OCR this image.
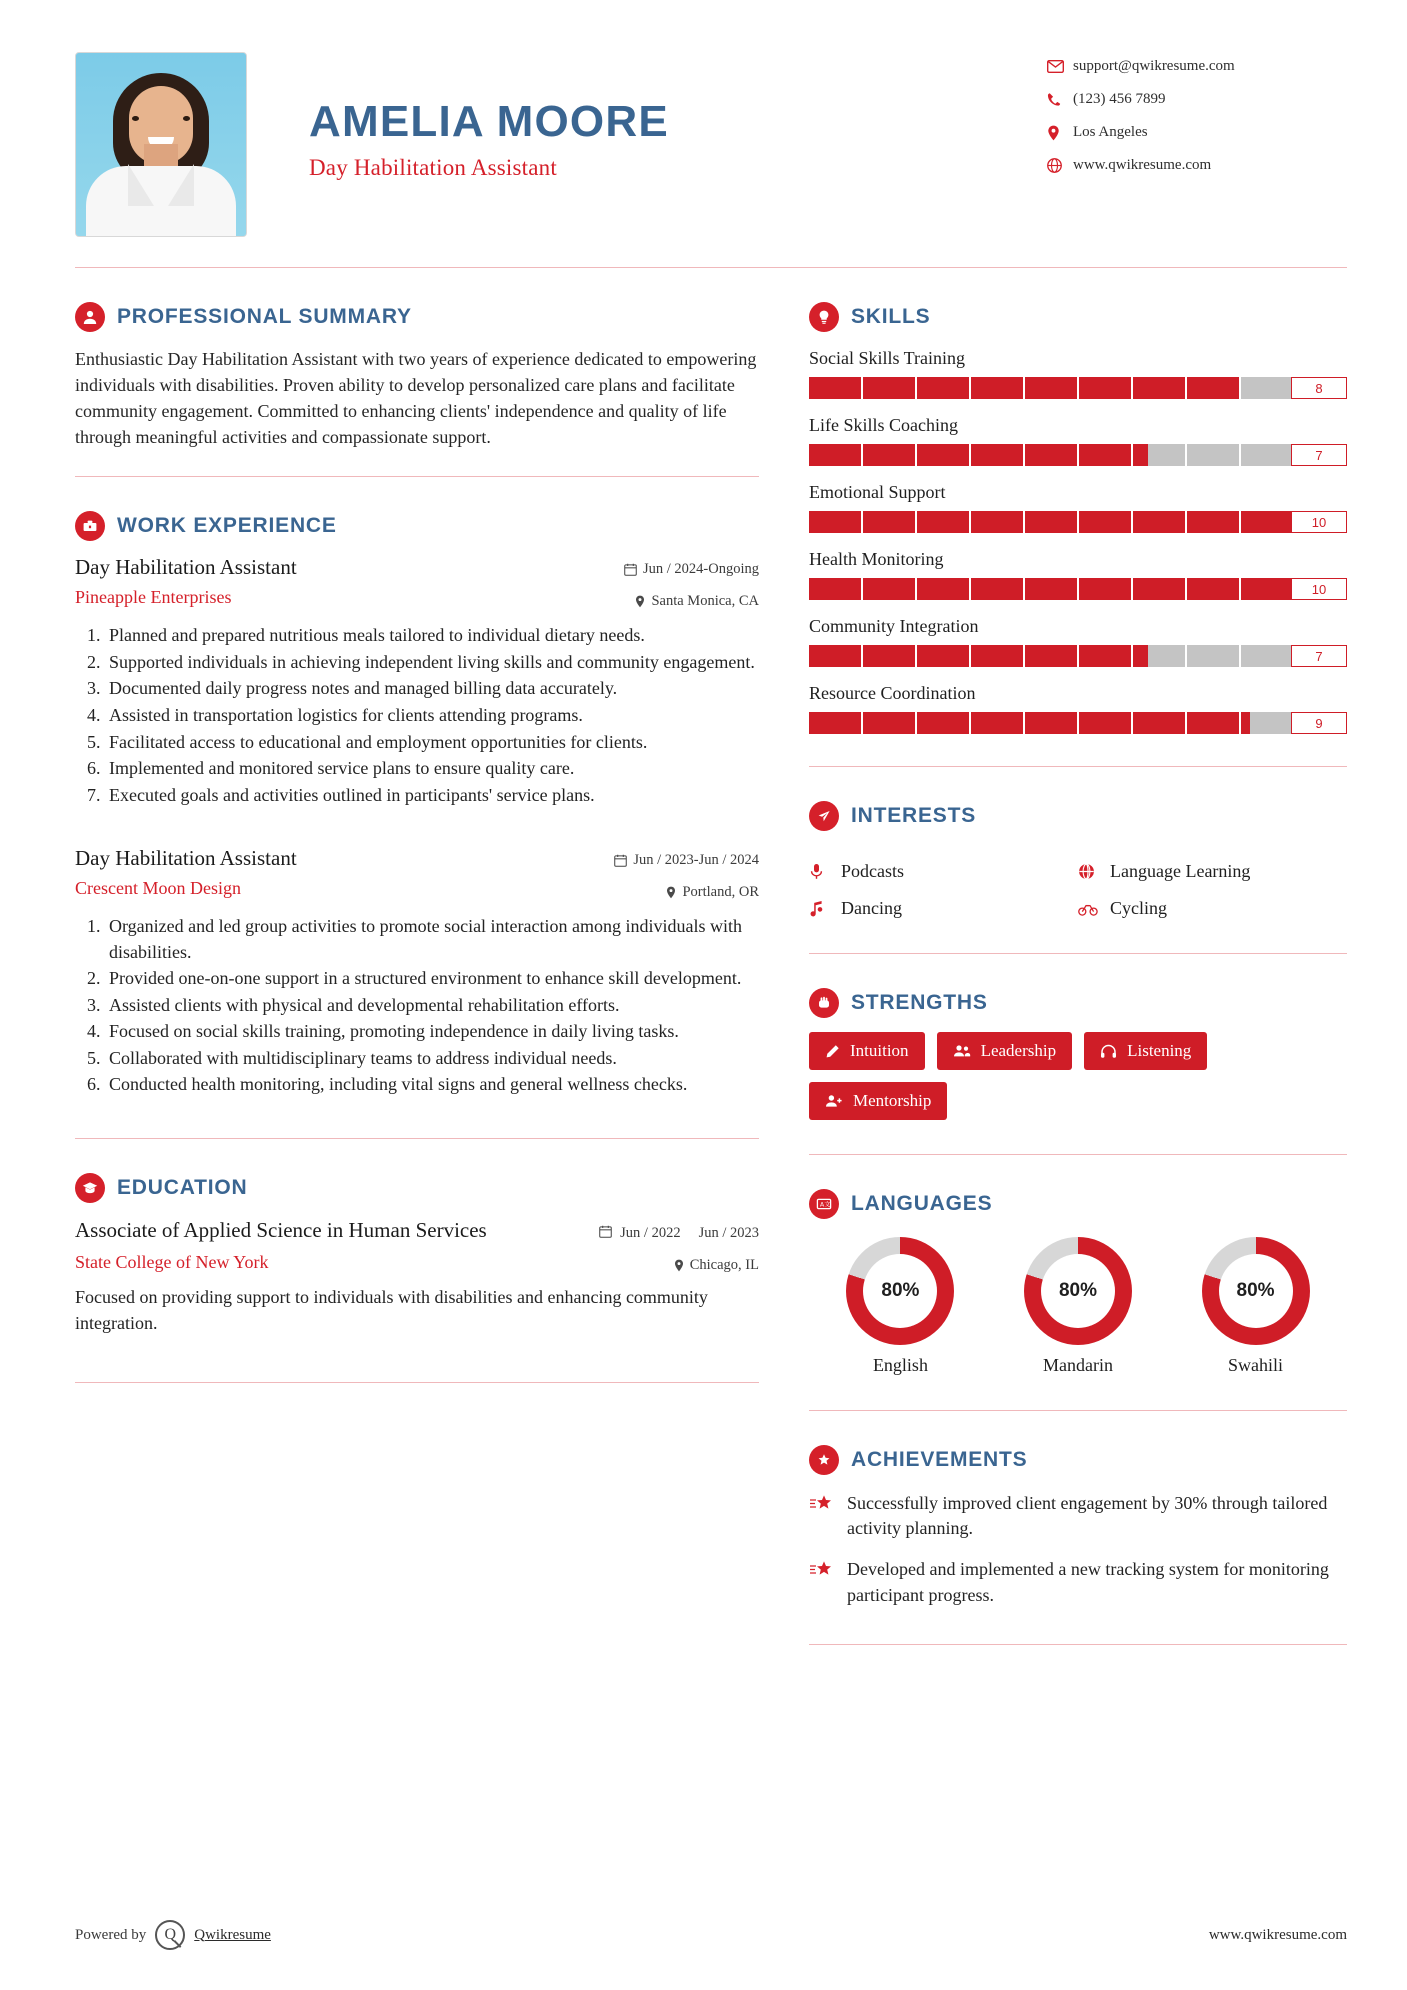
AMELIA MOORE
Day Habilitation Assistant
support@qwikresume.com
(123) 456 7899
Los Angeles
www.qwikresume.com
PROFESSIONAL SUMMARY
Enthusiastic Day Habilitation Assistant with two years of experience dedicated to empowering individuals with disabilities. Proven ability to develop personalized care plans and facilitate community engagement. Committed to enhancing clients' independence and quality of life through meaningful activities and compassionate support.
WORK EXPERIENCE
Day Habilitation Assistant	Jun / 2024-Ongoing
Pineapple Enterprises	Santa Monica, CA
1. Planned and prepared nutritious meals tailored to individual dietary needs.
2. Supported individuals in achieving independent living skills and community engagement.
3. Documented daily progress notes and managed billing data accurately.
4. Assisted in transportation logistics for clients attending programs.
5. Facilitated access to educational and employment opportunities for clients.
6. Implemented and monitored service plans to ensure quality care.
7. Executed goals and activities outlined in participants' service plans.
Day Habilitation Assistant	Jun / 2023-Jun / 2024
Crescent Moon Design	Portland, OR
1. Organized and led group activities to promote social interaction among individuals with disabilities.
2. Provided one-on-one support in a structured environment to enhance skill development.
3. Assisted clients with physical and developmental rehabilitation efforts.
4. Focused on social skills training, promoting independence in daily living tasks.
5. Collaborated with multidisciplinary teams to address individual needs.
6. Conducted health monitoring, including vital signs and general wellness checks.
EDUCATION
Associate of Applied Science in Human Services	Jun / 2022 Jun / 2023
State College of New York	Chicago, IL
Focused on providing support to individuals with disabilities and enhancing community integration.
SKILLS
Social Skills Training
8
Life Skills Coaching
7
Emotional Support
10
Health Monitoring
10
Community Integration
7
Resource Coordination
9
INTERESTS
Podcasts	Language Learning
Dancing	Cycling
STRENGTHS
Intuition	Leadership	Listening
Mentorship
A 文 LANGUAGES
80%
English
80%
Mandarin
80%
Swahili
ACHIEVEMENTS
Successfully improved client engagement by 30% through tailored activity planning.
Developed and implemented a new tracking system for monitoring participant progress.
Powered by	Q	Qwikresume	www.qwikresume.com
